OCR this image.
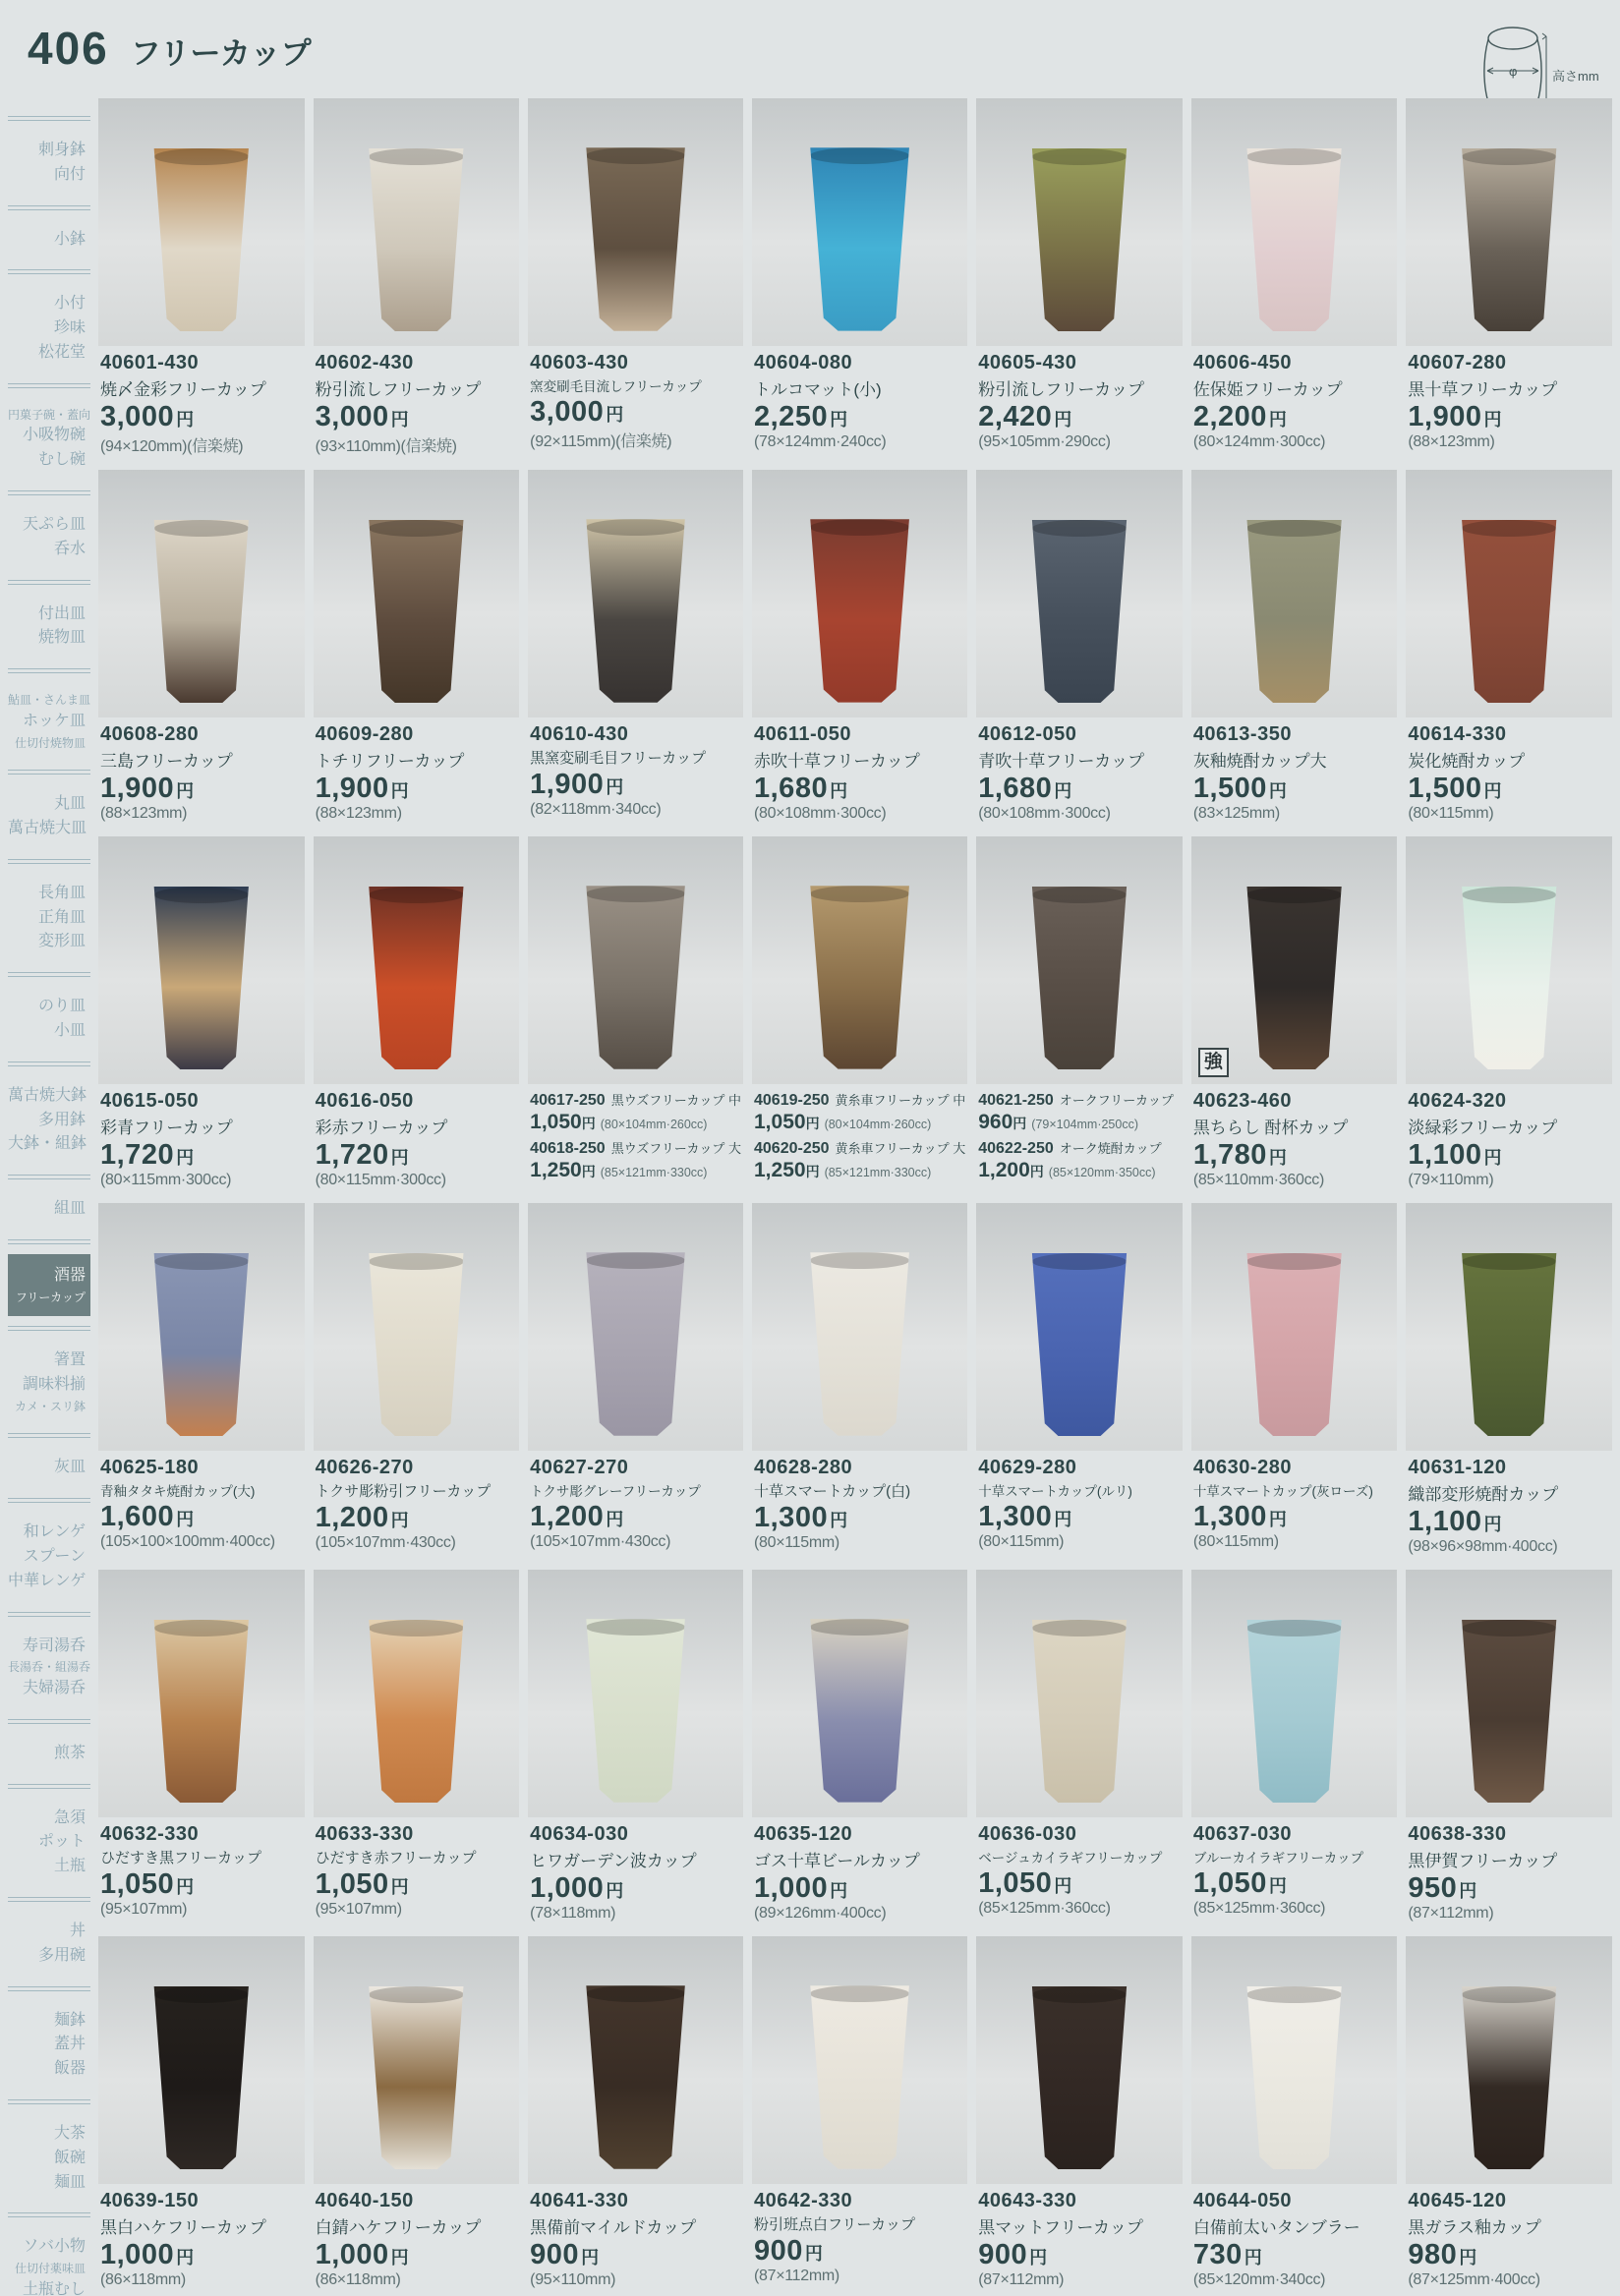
406 フリーカップ
φ	高さmm
刺身鉢
向付
小鉢
小付
珍味
松花堂
円菓子碗・蓋向
小吸物碗
むし碗
天ぷら皿
呑水
付出皿
焼物皿
鮎皿・さんま皿
ホッケ皿
仕切付焼物皿
丸皿
萬古焼大皿
長角皿
正角皿
変形皿
のり皿
小皿
萬古焼大鉢
多用鉢
大鉢・組鉢
組皿
酒器
フリーカップ
箸置
調味料揃
カメ・スリ鉢
灰皿
和レンゲ
スプーン
中華レンゲ
寿司湯呑
長湯呑・組湯呑
夫婦湯呑
煎茶
急須
ポット
土瓶
丼
多用碗
麺鉢
蓋丼
飯器
大茶
飯碗
麺皿
ソバ小物
仕切付薬味皿
土瓶むし
40601-430
焼〆金彩フリーカップ
3,000 円
(94×120mm)(信楽焼)
40602-430
粉引流しフリーカップ
3,000 円
(93×110mm)(信楽焼)
40603-430
窯変刷毛目流しフリーカップ
3,000 円
(92×115mm)(信楽焼)
40604-080
トルコマット(小)
2,250 円
(78×124mm·240cc)
40605-430
粉引流しフリーカップ
2,420 円
(95×105mm·290cc)
40606-450
佐保姫フリーカップ
2,200 円
(80×124mm·300cc)
40607-280
黒十草フリーカップ
1,900 円
(88×123mm)
40608-280
三島フリーカップ
1,900 円
(88×123mm)
40609-280
トチリフリーカップ
1,900 円
(88×123mm)
40610-430
黒窯変刷毛目フリーカップ
1,900 円
(82×118mm·340cc)
40611-050
赤吹十草フリーカップ
1,680 円
(80×108mm·300cc)
40612-050
青吹十草フリーカップ
1,680 円
(80×108mm·300cc)
40613-350
灰釉焼酎カップ大
1,500 円
(83×125mm)
40614-330
炭化焼酎カップ
1,500 円
(80×115mm)
40615-050
彩青フリーカップ
1,720 円
(80×115mm·300cc)
40616-050
彩赤フリーカップ
1,720 円
(80×115mm·300cc)
40617-250 黒ウズフリーカップ 中
1,050円 (80×104mm·260cc)
40618-250 黒ウズフリーカップ 大
1,250円 (85×121mm·330cc)
40619-250 黄糸車フリーカップ 中
1,050円 (80×104mm·260cc)
40620-250 黄糸車フリーカップ 大
1,250円 (85×121mm·330cc)
40621-250 オークフリーカップ
960円 (79×104mm·250cc)
40622-250 オーク焼酎カップ
1,200円 (85×120mm·350cc)
強
40623-460
黒ちらし 酎杯カップ
1,780 円
(85×110mm·360cc)
40624-320
淡緑彩フリーカップ
1,100 円
(79×110mm)
40625-180
青釉タタキ焼酎カップ(大)
1,600 円
(105×100×100mm·400cc)
40626-270
トクサ彫粉引フリーカップ
1,200 円
(105×107mm·430cc)
40627-270
トクサ彫グレーフリーカップ
1,200 円
(105×107mm·430cc)
40628-280
十草スマートカップ(白)
1,300 円
(80×115mm)
40629-280
十草スマートカップ(ルリ)
1,300 円
(80×115mm)
40630-280
十草スマートカップ(灰ローズ)
1,300 円
(80×115mm)
40631-120
織部変形焼酎カップ
1,100 円
(98×96×98mm·400cc)
40632-330
ひだすき黒フリーカップ
1,050 円
(95×107mm)
40633-330
ひだすき赤フリーカップ
1,050 円
(95×107mm)
40634-030
ヒワガーデン波カップ
1,000 円
(78×118mm)
40635-120
ゴス十草ビールカップ
1,000 円
(89×126mm·400cc)
40636-030
ベージュカイラギフリーカップ
1,050 円
(85×125mm·360cc)
40637-030
ブルーカイラギフリーカップ
1,050 円
(85×125mm·360cc)
40638-330
黒伊賀フリーカップ
950 円
(87×112mm)
40639-150
黒白ハケフリーカップ
1,000 円
(86×118mm)
40640-150
白錆ハケフリーカップ
1,000 円
(86×118mm)
40641-330
黒備前マイルドカップ
900 円
(95×110mm)
40642-330
粉引班点白フリーカップ
900 円
(87×112mm)
40643-330
黒マットフリーカップ
900 円
(87×112mm)
40644-050
白備前太いタンブラー
730 円
(85×120mm·340cc)
40645-120
黒ガラス釉カップ
980 円
(87×125mm·400cc)
